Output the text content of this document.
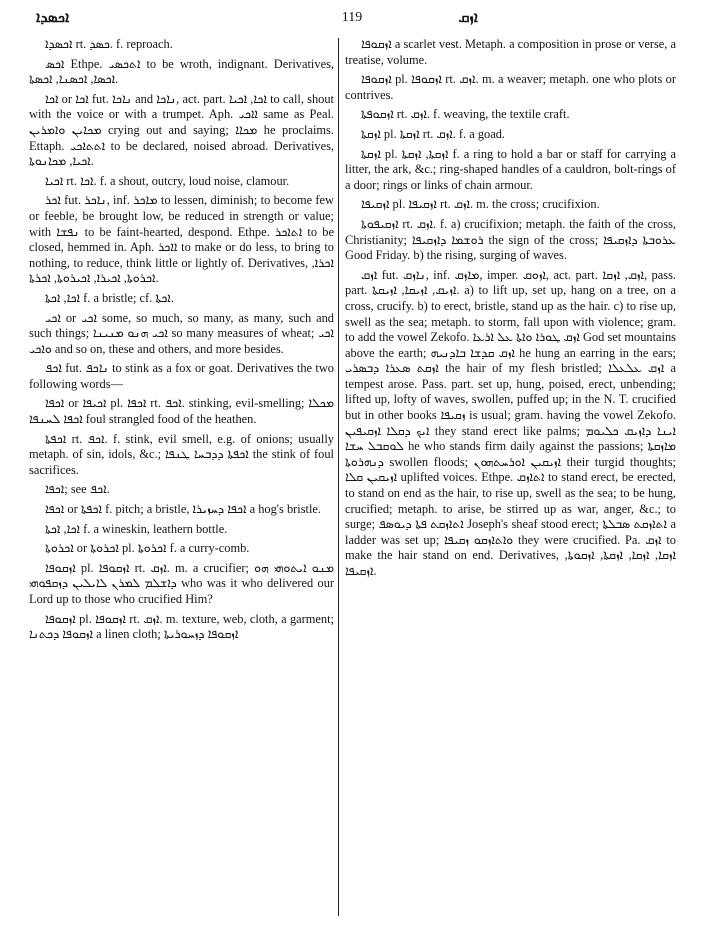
ܐܟܣܕܐ	119	ܐܙܩ

ܐܟܣܕܐ rt. ܟܣܕ. f. reproach.

ܐܟܣ Ethpe. ܐܬܟܣܝ to be wroth, indignant. Derivatives, ܐܟܣܐ, ܐܟܣܢܐ, ܐܟܣܬܐ.

ܐܟܐ or ܐܟܐ fut. ܢܐܟܐ and ܢܐܟܐ, act. part. ܐܟܐ, ܐܟܝܐ to call, shout with the voice or with a trumpet. Aph. ܐܐܟܝ same as Peal. ܡܟܐܝܢ ܘܐܡܪܝܢ crying out and saying; ܡܟܐܐ he proclaims. Ettaph. ܐܬܬܐܟܝ to be declared, noised abroad. Derivatives, ܐܟܝܐ, ܡܟܐܢܘܬܐ.

ܐܟܝܐ rt. ܐܟܐ. f. a shout, outcry, loud noise, clamour.

ܐܟܪ fut. ܢܐܟܪ, inf. ܡܐܟܪ to lessen, diminish; to become few or feeble, be brought low, be reduced in strength or value; with ܢܦܫܐ to be faint-hearted, despond. Ethpe. ܐܬܐܟܪ to be closed, hemmed in. Aph. ܐܐܟܪ to make or do less, to bring to nothing, to reduce, think little or lightly of. Derivatives, ܐܟܪܐ, ܐܟܪܘܬܐ, ܐܟܝܪܐ, ܐܟܝܪܘܬܐ, ܐܟܪܬܐ.

ܐܟܐ, ܐܟܬܐ f. a bristle; cf. ܐܟܬܐ.

ܐܟܝ or ܐܟܝ some, so much, so many, as many, such and such things; ܐܟܝ ܗܢܘ ܡܢܝܢܐ so many measures of wheat; ܐܟܝ ܘܐܟܝ and so on, these and others, and more besides.

ܐܟܦ fut. ܢܐܟܦ to stink as a fox or goat. Derivatives the two following words—

ܐܟܦܐ or ܐܟܝܦܐ pl. ܐܟܦܐ rt. ܐܟܦ. stinking, evil-smelling; ܡܟܠܐ ܐܟܦܐ ܠܚܢܦܐ foul strangled food of the heathen.

ܐܟܦܬܐ rt. ܐܟܦ. f. stink, evil smell, e.g. of onions; usually metaph. of sin, idols, &c.; ܐܟܦܬܐ ܕܕܒܚܐ ܛܢܦܐ the stink of foul sacrifices.

ܐܟܦܐ; see ܐܟܦ.

ܐܟܦܐ or ܐܟܦܬܐ f. pitch; a bristle, ܐܟܦܐ ܕܚܙܝܪܐ a hog's bristle.

ܐܟܐ, ܐܟܬܐ f. a wineskin, leathern bottle.

ܐܟܪܘܬܐ or ܐܟܪܘܬܐ pl. ܐܟܪܘܬܐ f. a curry-comb.

ܐܙܩܘܦܐ pl. ܐܙܩܘܦܐ rt. ܐܙܩ. m. a crucifier; ܡܢܘ ܐܝܬܘܗܝ ܗܘ ܕܐܫܠܡ ܠܡܪܢ ܠܐܝܠܝܢ ܕܙܩܦܘܗܝ who was it who delivered our Lord up to those who crucified Him?

ܐܙܩܘܦܐ pl. ܐܙܩܘܦܐ rt. ܐܙܩ. m. texture, web, cloth, a garment; ܐܙܩܘܦܐ ܕܟܬܢܐ a linen cloth; ܐܙܩܘܦܐ ܕܙܚܘܪܝܬܐ

ܐܙܩܘܦܐ a scarlet vest. Metaph. a composition in prose or verse, a treatise, volume.

ܐܙܩܘܦܐ pl. ܐܙܩܘܦܐ rt. ܐܙܩ. m. a weaver; metaph. one who plots or contrives.

ܐܙܩܘܦܬܐ rt. ܐܙܩ. f. weaving, the textile craft.

ܐܙܩܬܐ pl. ܐܙܩܬܐ rt. ܐܙܩ. f. a goad.

ܐܙܩܬܐ pl. ܐܙܩܬܐ, ܐܙܩܬܐ f. a ring to hold a bar or staff for carrying a litter, the ark, &c.; ring-shaped handles of a cauldron, bolt-rings of a door; rings or links of chain armour.

ܐܙܩܝܦܐ pl. ܐܙܩܝܦܐ rt. ܐܙܩ. m. the cross; crucifixion.

ܐܙܩܝܦܘܬܐ rt. ܐܙܩ. f. a) crucifixion; metaph. the faith of the cross, Christianity; ܪܘܫܡܐ ܕܐܙܩܝܦܐ the sign of the cross; ܥܪܘܒܬܐ ܕܐܙܩܝܦܐ Good Friday. b) the rising, surging of waves.

ܐܙܩ fut. ܢܐܙܩ, inf. ܡܐܙܩ, imper. ܐܙܘܩ, act. part. ܐܙܩ, ܐܙܩܐ, pass. part. ܐܙܝܩ, ܐܙܝܩܐ, ܐܙܝܩܬܐ. a) to lift up, set up, hang on a tree, on a cross, crucify. b) to erect, bristle, stand up as the hair. c) to rise up, swell as the sea; metaph. to storm, fall upon with violence; gram. to add the vowel Zekofo. ܐܙܩ ܛܘܪܐ ܘܐܬܐ ܥܠ ܐܪܥܐ God set mountains above the earth; ܐܙܩ ܩܕܫܐ ܒܐܕܢܝܗ he hung an earring in the ears; ܐܙܩܬ ܣܥܪܐ ܕܒܣܪܝ the hair of my flesh bristled; ܐܙܩ ܥܠܥܠܐ a tempest arose. Pass. part. set up, hung, poised, erect, unbending; lifted up, lofty of waves, swollen, puffed up; in the N. T. crucified but in other books ܙܩܝܦܐ is usual; gram. having the vowel Zekofo. ܐܝܟ ܕܩܠܐ ܐܙܩܝܦܝܢ they stand erect like palms; ܐܝܢܐ ܕܐܙܝܩ ܟܠܝܘܡ ܠܘܩܒܠ ܚܫܐ he who stands firm daily against the passions; ܡܐܙܩܬܐ ܕܢܗܪܘܬܐ swollen floods; ܐܙܝܩܝܢ ܐܘܪܚܬܗܘܢ their turgid thoughts; ܐܙܝܩܝܢ ܩܠܐ uplifted voices. Ethpe. ܐܬܐܙܩ to stand erect, be erected, to stand on end as the hair, to rise up, swell as the sea; to be hung, crucified; metaph. to arise, be stirred up as war, anger, &c.; to surge; ܐܬܐܙܩܬ ܦܬܐ ܕܝܘܣܦ Joseph's sheaf stood erect; ܐܬܐܙܩܬ ܣܒܠܬܐ a ladder was set up; ܘܐܬܐܙܩܘ ܙܩܝܦܐ they were crucified. Pa. ܐܙܩ to make the hair stand on end. Derivatives, ܐܙܩܐ, ܐܙܩܐ, ܐܙܩܬܐ, ܐܙܩܘܬܐ, ܐܙܩܝܦܐ.
